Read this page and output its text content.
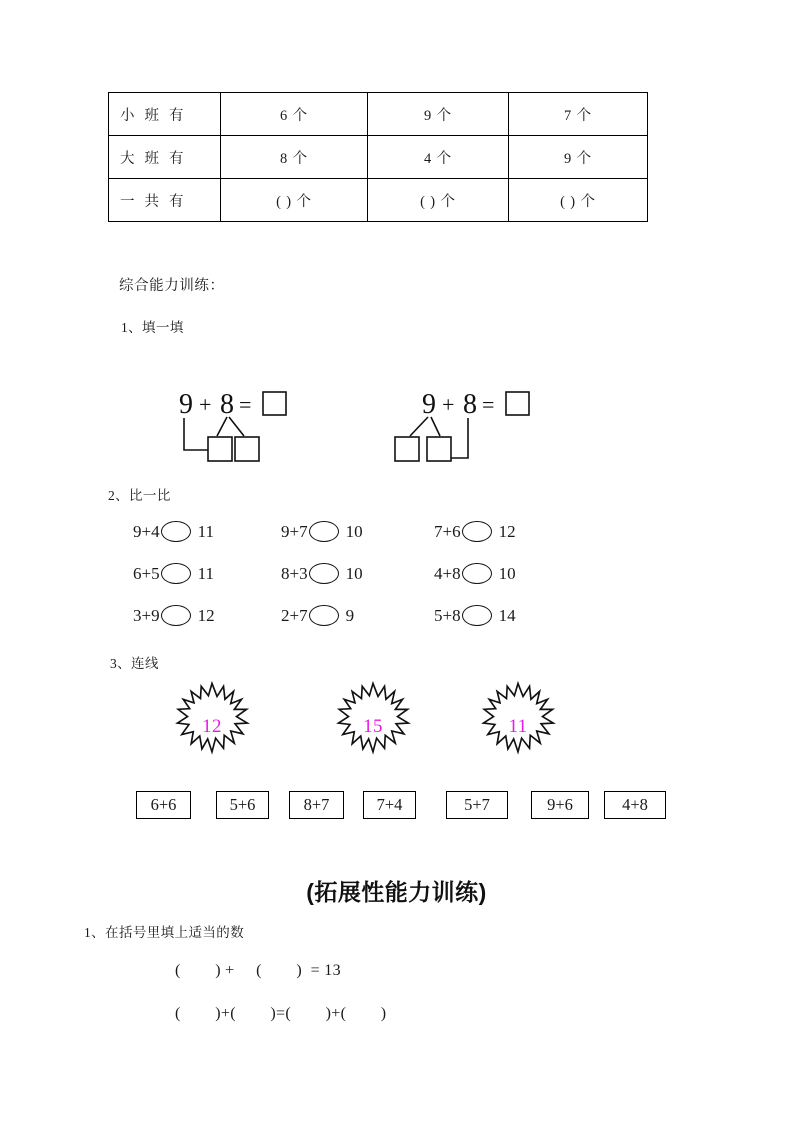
小 班 有	6 个	9 个	7 个
大 班 有	8 个	4 个	9 个
一 共 有	( ) 个	( ) 个	( ) 个
综合能力训练：
1、填一填
9 + 8 =	9 + 8 =
2、比一比
9+4 11	9+7 10	7+6 12
6+5 11	8+3 10	4+8 10
3+9 12	2+7 9	5+8 14
3、连线
12	15	11
6+6	5+6	8+7	7+4	5+7	9+6	4+8
(拓展性能力训练)
1、在括号里填上适当的数
(        ) +     (        )  = 13
(        )+(        )=(        )+(        )
